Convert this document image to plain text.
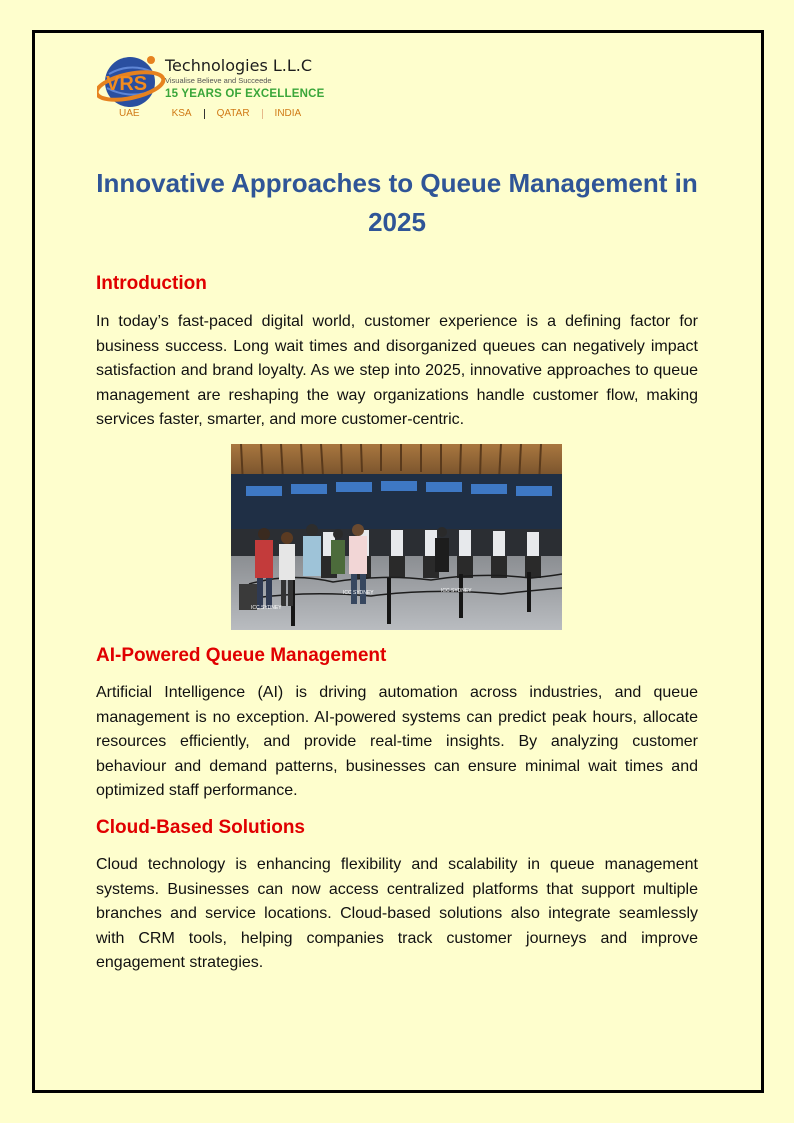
VRS
Technologies L.L.C
Visualise Believe and Succeede
15 YEARS OF EXCELLENCE
UAE	KSA	QATAR	INDIA
Innovative Approaches to Queue Management in
2025
Introduction
In today’s fast-paced digital world, customer experience is a defining factor for business success. Long wait times and disorganized queues can negatively impact satisfaction and brand loyalty. As we step into 2025, innovative approaches to queue management are reshaping the way organizations handle customer flow, making services faster, smarter, and more customer-centric.
ICC SYDNEY
ICC SYDNEY	ICC SYDNEY
AI-Powered Queue Management
Artificial Intelligence (AI) is driving automation across industries, and queue management is no exception. AI-powered systems can predict peak hours, allocate resources efficiently, and provide real-time insights. By analyzing customer behaviour and demand patterns, businesses can ensure minimal wait times and optimized staff performance.
Cloud-Based Solutions
Cloud technology is enhancing flexibility and scalability in queue management systems. Businesses can now access centralized platforms that support multiple branches and service locations. Cloud-based solutions also integrate seamlessly with CRM tools, helping companies track customer journeys and improve engagement strategies.
